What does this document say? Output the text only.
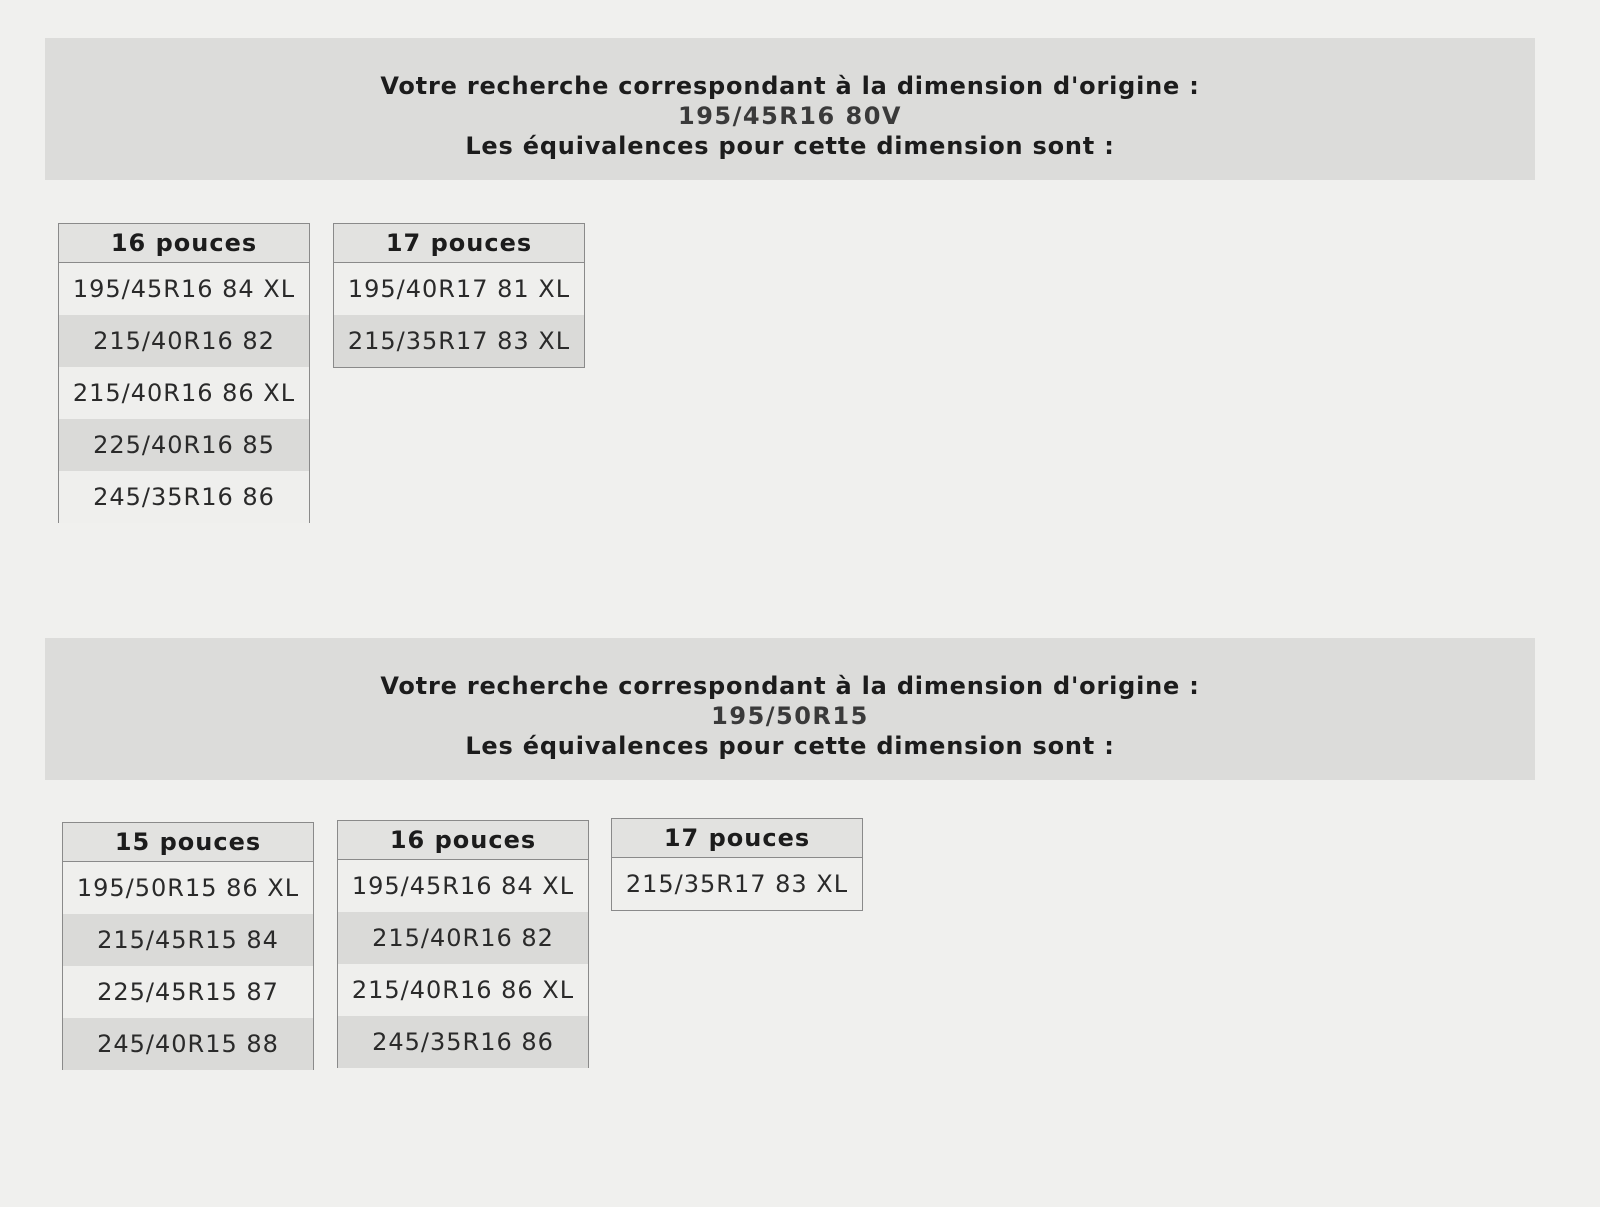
Votre recherche correspondant à la dimension d'origine :
195/45R16 80V
Les équivalences pour cette dimension sont :
16 pouces
195/45R16 84 XL
215/40R16 82
215/40R16 86 XL
225/40R16 85
245/35R16 86
17 pouces
195/40R17 81 XL
215/35R17 83 XL
Votre recherche correspondant à la dimension d'origine :
195/50R15
Les équivalences pour cette dimension sont :
15 pouces
195/50R15 86 XL
215/45R15 84
225/45R15 87
245/40R15 88
16 pouces
195/45R16 84 XL
215/40R16 82
215/40R16 86 XL
245/35R16 86
17 pouces
215/35R17 83 XL
